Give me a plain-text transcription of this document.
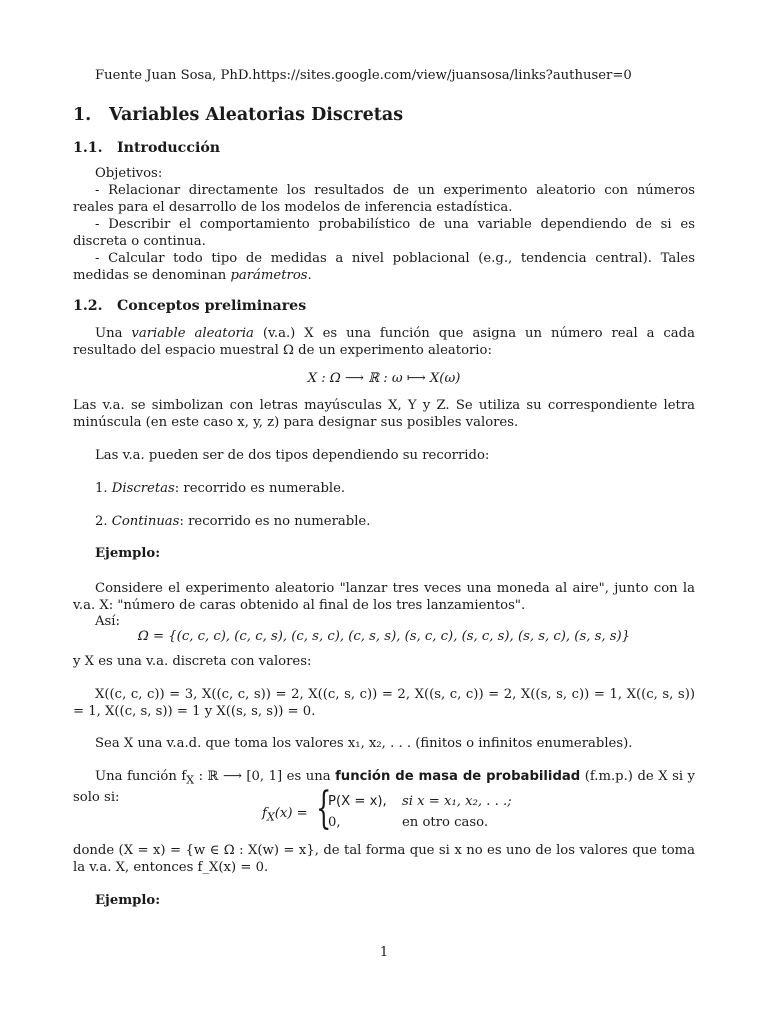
Fuente Juan Sosa, PhD.https://sites.google.com/view/juansosa/links?authuser=0
1. Variables Aleatorias Discretas
1.1. Introducción
Objetivos:
- Relacionar directamente los resultados de un experimento aleatorio con números reales para el desarrollo de los modelos de inferencia estadística.
- Describir el comportamiento probabilístico de una variable dependiendo de si es discreta o continua.
- Calcular todo tipo de medidas a nivel poblacional (e.g., tendencia central). Tales medidas se denominan parámetros.
1.2. Conceptos preliminares
Una variable aleatoria (v.a.) X es una función que asigna un número real a cada resultado del espacio muestral Ω de un experimento aleatorio:
X : Ω ⟶ ℝ : ω ⟼ X(ω)
Las v.a. se simbolizan con letras mayúsculas X, Y y Z. Se utiliza su correspondiente letra minúscula (en este caso x, y, z) para designar sus posibles valores.
Las v.a. pueden ser de dos tipos dependiendo su recorrido:
1. Discretas: recorrido es numerable.
2. Continuas: recorrido es no numerable.
Ejemplo:
Considere el experimento aleatorio "lanzar tres veces una moneda al aire", junto con la v.a. X: "número de caras obtenido al final de los tres lanzamientos".
Así:
Ω = {(c, c, c), (c, c, s), (c, s, c), (c, s, s), (s, c, c), (s, c, s), (s, s, c), (s, s, s)}
y X es una v.a. discreta con valores:
X((c, c, c)) = 3, X((c, c, s)) = 2, X((c, s, c)) = 2, X((s, c, c)) = 2, X((s, s, c)) = 1, X((c, s, s)) = 1, X((c, s, s)) = 1 y X((s, s, s)) = 0.
Sea X una v.a.d. que toma los valores x₁, x₂, . . . (finitos o infinitos enumerables).
Una función $f_X$ : ℝ ⟶ [0, 1] es una función de masa de probabilidad (f.m.p.) de X si y solo si:
$f_X(x)$ = {
P(X = x), si x = x₁, x₂, . . .;
0,	en otro caso.
donde (X = x) = {w ∈ Ω : X(w) = x}, de tal forma que si x no es uno de los valores que toma la v.a. X, entonces f_X(x) = 0.
Ejemplo:
1
